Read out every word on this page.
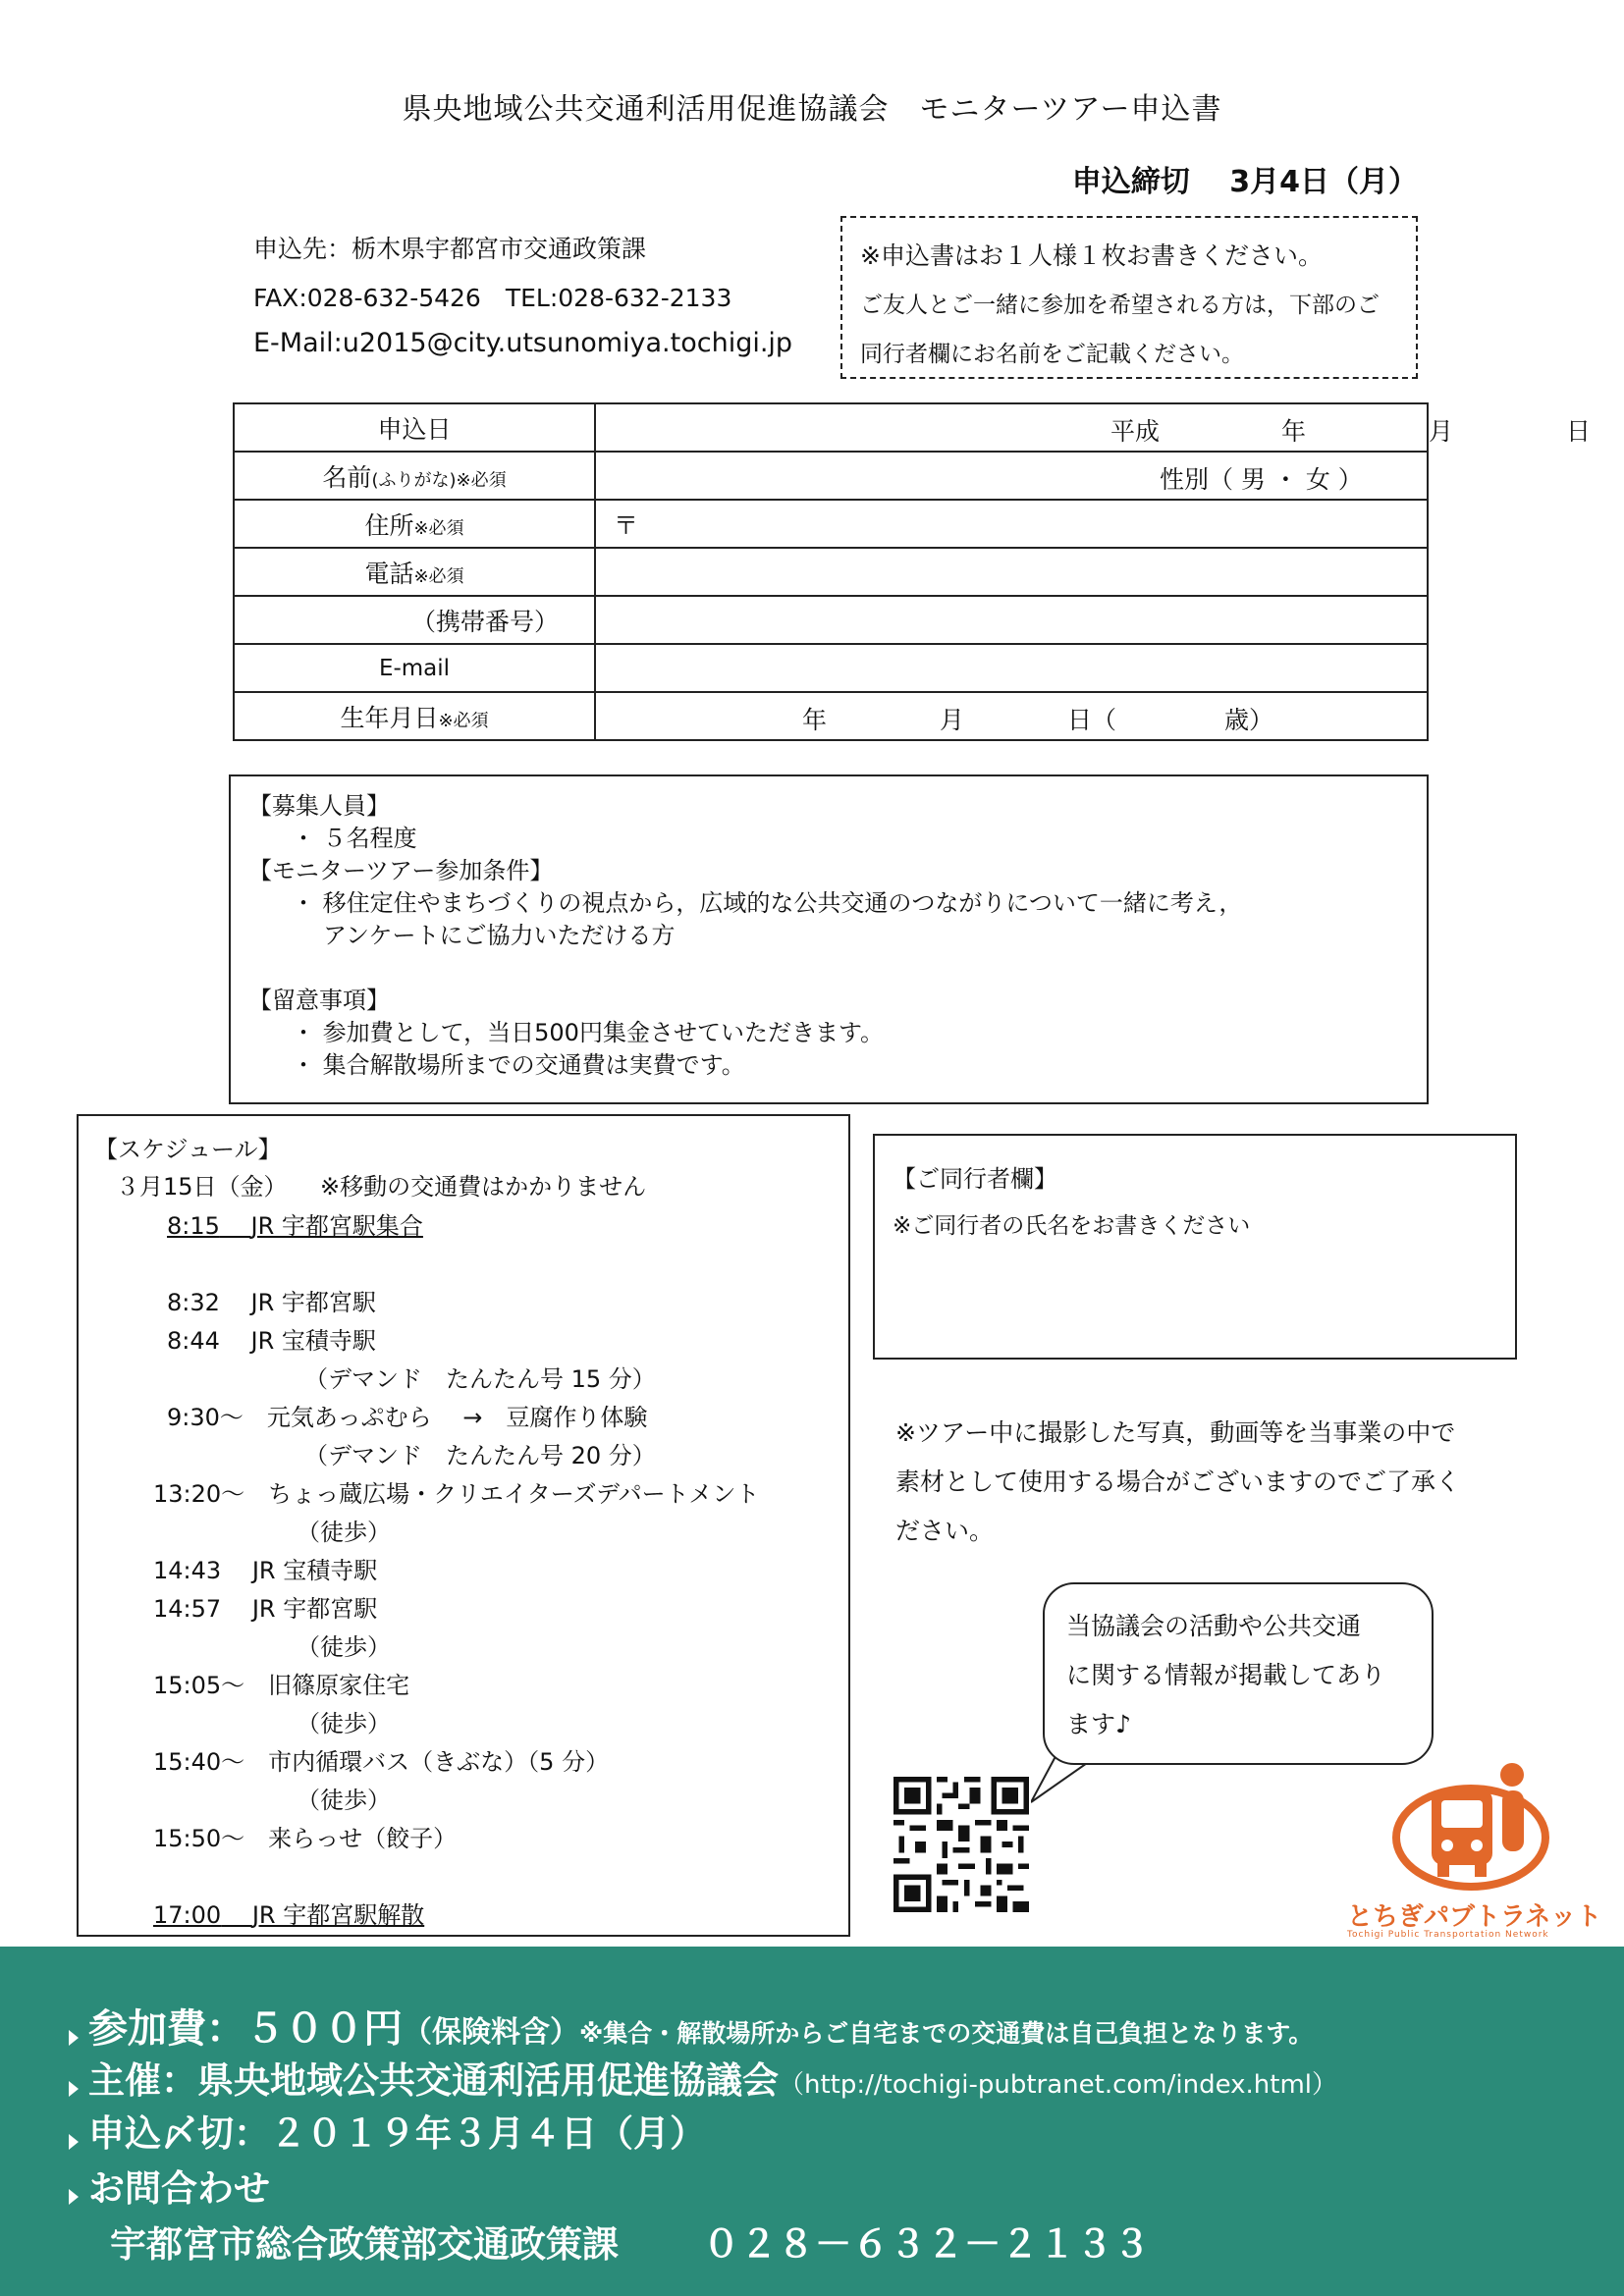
県央地域公共交通利活用促進協議会　モニターツアー申込書
申込締切　 3月4日（月）
申込先：栃木県宇都宮市交通政策課
FAX:028-632-5426　TEL:028-632-2133
E-Mail:u2015@city.utsunomiya.tochigi.jp
※申込書はお１人様１枚お書きください。
ご友人とご一緒に参加を希望される方は，下部のご
同行者欄にお名前をご記載ください。
申込日	平成 年 月 日

名前(ふりがな)※必須	性別（ 男 ・ 女 ）

住所※必須	〒

電話※必須	
（携帯番号）	
E-mail	
生年月日※必須	年 月 日（ 歳）
【募集人員】
・ ５名程度
【モニターツアー参加条件】
・ 移住定住やまちづくりの視点から，広域的な公共交通のつながりについて一緒に考え，
アンケートにご協力いただける方
【留意事項】
・ 参加費として，当日500円集金させていただきます。
・ 集合解散場所までの交通費は実費です。
【スケジュール】
３月15日（金） ※移動の交通費はかかりません
8:15　 JR 宇都宮駅集合
8:32　 JR 宇都宮駅
8:44　 JR 宝積寺駅
（デマンド　たんたん号 15 分）
9:30～　 元気あっぷむら　 →　豆腐作り体験
（デマンド　たんたん号 20 分）
13:20～　 ちょっ蔵広場・クリエイターズデパートメント
（徒歩）
14:43　 JR 宝積寺駅
14:57　 JR 宇都宮駅
（徒歩）
15:05～　 旧篠原家住宅
（徒歩）
15:40～　 市内循環バス（きぶな）（5 分）
（徒歩）
15:50～　 来らっせ（餃子）
17:00　 JR 宇都宮駅解散
【ご同行者欄】
※ご同行者の氏名をお書きください
※ツアー中に撮影した写真，動画等を当事業の中で
素材として使用する場合がございますのでご了承く
ださい。
当協議会の活動や公共交通
に関する情報が掲載してあり
ます♪
とちぎパブトラネット
Tochigi Public Transportation Network
参加費：５００円（保険料含）※集合・解散場所からご自宅までの交通費は自己負担となります。
主催：県央地域公共交通利活用促進協議会（http://tochigi-pubtranet.com/index.html）
申込〆切：２０１９年３月４日（月）
お問合わせ
宇都宮市総合政策部交通政策課 ０２８－６３２－２１３３
